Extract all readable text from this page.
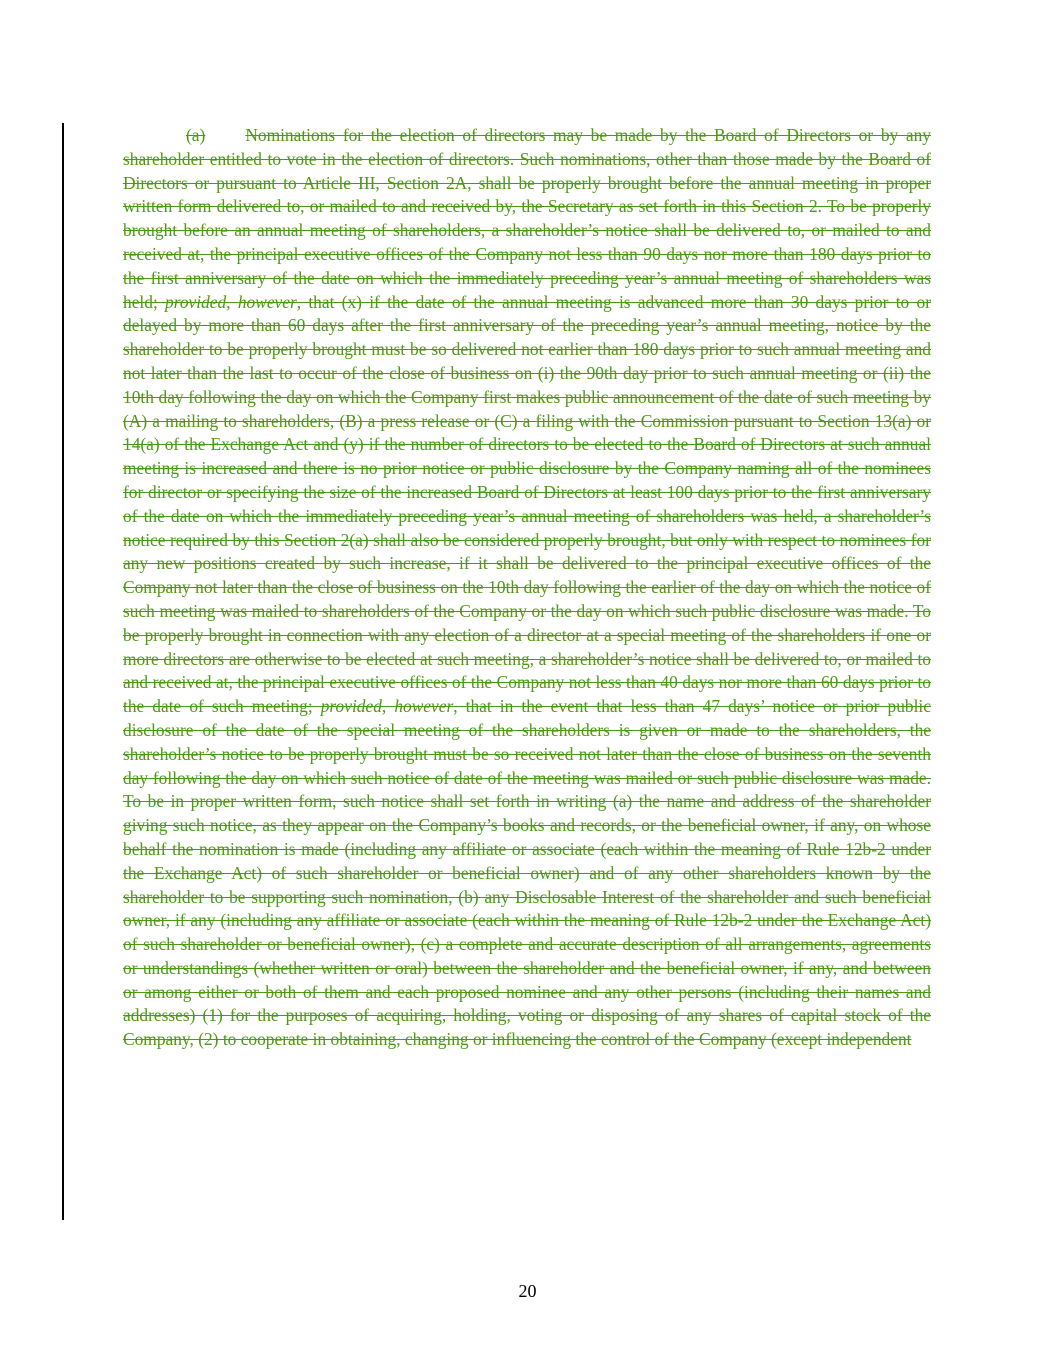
(a) Nominations for the election of directors may be made by the Board of Directors or by any shareholder entitled to vote in the election of directors. Such nominations, other than those made by the Board of Directors or pursuant to Article III, Section 2A, shall be properly brought before the annual meeting in proper written form delivered to, or mailed to and received by, the Secretary as set forth in this Section 2. To be properly brought before an annual meeting of shareholders, a shareholder’s notice shall be delivered to, or mailed to and received at, the principal executive offices of the Company not less than 90 days nor more than 180 days prior to the first anniversary of the date on which the immediately preceding year’s annual meeting of shareholders was held; provided, however, that (x) if the date of the annual meeting is advanced more than 30 days prior to or delayed by more than 60 days after the first anniversary of the preceding year’s annual meeting, notice by the shareholder to be properly brought must be so delivered not earlier than 180 days prior to such annual meeting and not later than the last to occur of the close of business on (i) the 90th day prior to such annual meeting or (ii) the 10th day following the day on which the Company first makes public announcement of the date of such meeting by (A) a mailing to shareholders, (B) a press release or (C) a filing with the Commission pursuant to Section 13(a) or 14(a) of the Exchange Act and (y) if the number of directors to be elected to the Board of Directors at such annual meeting is increased and there is no prior notice or public disclosure by the Company naming all of the nominees for director or specifying the size of the increased Board of Directors at least 100 days prior to the first anniversary of the date on which the immediately preceding year’s annual meeting of shareholders was held, a shareholder’s notice required by this Section 2(a) shall also be considered properly brought, but only with respect to nominees for any new positions created by such increase, if it shall be delivered to the principal executive offices of the Company not later than the close of business on the 10th day following the earlier of the day on which the notice of such meeting was mailed to shareholders of the Company or the day on which such public disclosure was made. To be properly brought in connection with any election of a director at a special meeting of the shareholders if one or more directors are otherwise to be elected at such meeting, a shareholder’s notice shall be delivered to, or mailed to and received at, the principal executive offices of the Company not less than 40 days nor more than 60 days prior to the date of such meeting; provided, however, that in the event that less than 47 days’ notice or prior public disclosure of the date of the special meeting of the shareholders is given or made to the shareholders, the shareholder’s notice to be properly brought must be so received not later than the close of business on the seventh day following the day on which such notice of date of the meeting was mailed or such public disclosure was made. To be in proper written form, such notice shall set forth in writing (a) the name and address of the shareholder giving such notice, as they appear on the Company’s books and records, or the beneficial owner, if any, on whose behalf the nomination is made (including any affiliate or associate (each within the meaning of Rule 12b-2 under the Exchange Act) of such shareholder or beneficial owner) and of any other shareholders known by the shareholder to be supporting such nomination, (b) any Disclosable Interest of the shareholder and such beneficial owner, if any (including any affiliate or associate (each within the meaning of Rule 12b-2 under the Exchange Act) of such shareholder or beneficial owner), (c) a complete and accurate description of all arrangements, agreements or understandings (whether written or oral) between the shareholder and the beneficial owner, if any, and between or among either or both of them and each proposed nominee and any other persons (including their names and addresses) (1) for the purposes of acquiring, holding, voting or disposing of any shares of capital stock of the Company, (2) to cooperate in obtaining, changing or influencing the control of the Company (except independent

20
